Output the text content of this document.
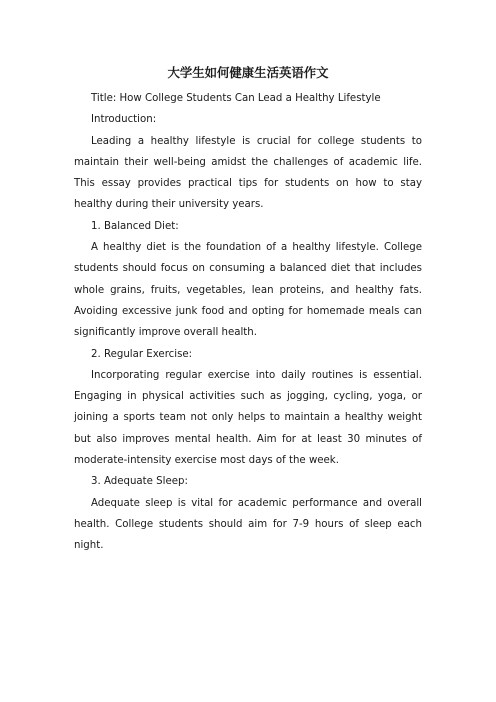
大学生如何健康生活英语作文

Title: How College Students Can Lead a Healthy Lifestyle

Introduction:

Leading a healthy lifestyle is crucial for college students to maintain their well-being amidst the challenges of academic life. This essay provides practical tips for students on how to stay healthy during their university years.

1. Balanced Diet:

A healthy diet is the foundation of a healthy lifestyle. College students should focus on consuming a balanced diet that includes whole grains, fruits, vegetables, lean proteins, and healthy fats. Avoiding excessive junk food and opting for homemade meals can significantly improve overall health.

2. Regular Exercise:

Incorporating regular exercise into daily routines is essential. Engaging in physical activities such as jogging, cycling, yoga, or joining a sports team not only helps to maintain a healthy weight but also improves mental health. Aim for at least 30 minutes of moderate-intensity exercise most days of the week.

3. Adequate Sleep:

Adequate sleep is vital for academic performance and overall health. College students should aim for 7-9 hours of sleep each night.
